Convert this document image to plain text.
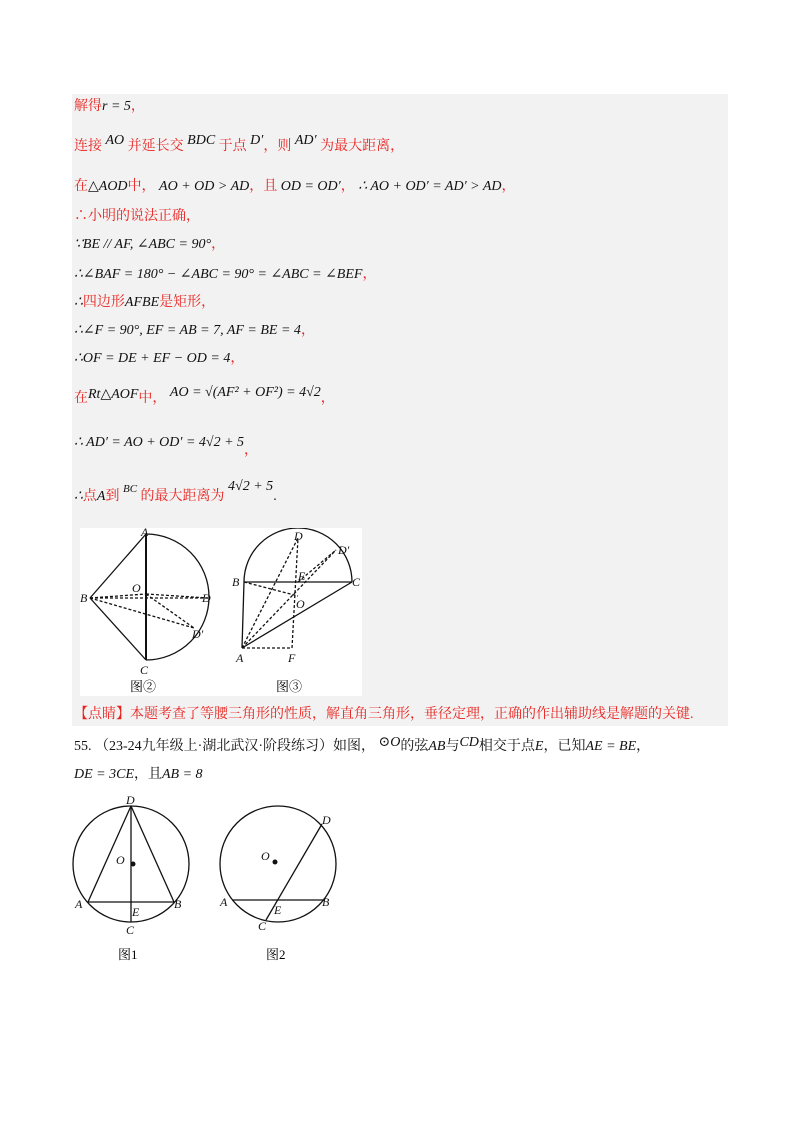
解得r = 5，
连接 AO 并延长交 BDC 于点 D′，则 AD′ 为最大距离，
在△AOD中， AO + OD > AD，且 OD = OD′， ∴ AO + OD′ = AD′ > AD，
∴小明的说法正确，
∵BE // AF, ∠ABC = 90°，
∴∠BAF = 180° − ∠ABC = 90° = ∠ABC = ∠BEF，
∴四边形AFBE是矩形，
∴∠F = 90°, EF = AB = 7, AF = BE = 4，
∴OF = DE + EF − OD = 4，
在Rt△AOF中， AO = √(AF² + OF²) = 4√2，
∴ AD′ = AO + OD′ = 4√2 + 5，
∴点A到 $^{BC}$ 的最大距离为 4√2 + 5.
A
B
C
D
O
D′
D
D′
B	C
E
O
A	F
图②	图③
【点睛】本题考查了等腰三角形的性质，解直角三角形，垂径定理，正确的作出辅助线是解题的关键.
55. （23-24九年级上·湖北武汉·阶段练习）如图， ⊙O的弦AB与CD相交于点E，已知AE = BE，
DE = 3CE，且AB = 8
D
O
A
E
B
C
O
D
A
E
B
C
图1	图2
